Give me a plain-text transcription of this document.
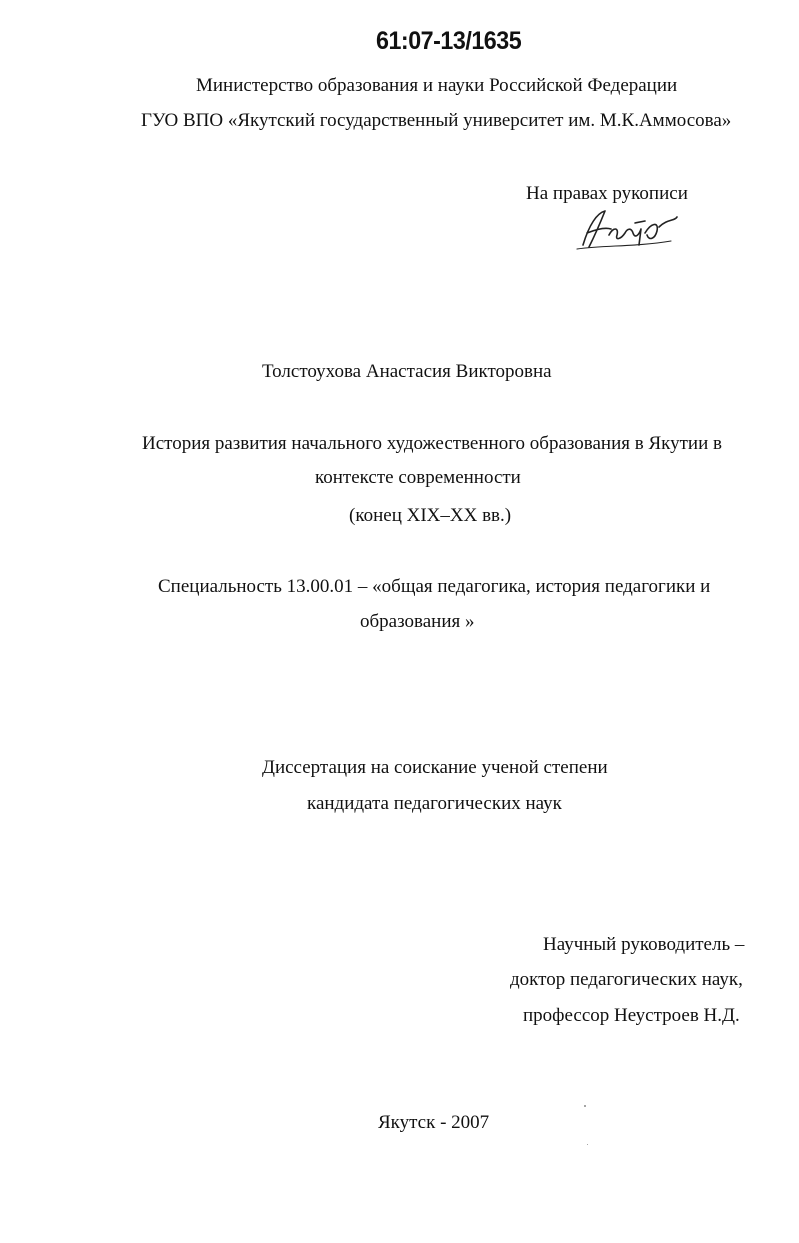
61:07-13/1635
Министерство образования и науки Российской Федерации
ГУО ВПО «Якутский государственный университет им. М.К.Аммосова»
На правах рукописи
Толстоухова Анастасия Викторовна
История развития начального художественного образования в Якутии в
контексте современности
(конец XIX–XX вв.)
Специальность 13.00.01 – «общая педагогика, история педагогики и
образования »
Диссертация на соискание ученой степени
кандидата педагогических наук
Научный руководитель –
доктор педагогических наук,
профессор Неустроев Н.Д.
Якутск - 2007
